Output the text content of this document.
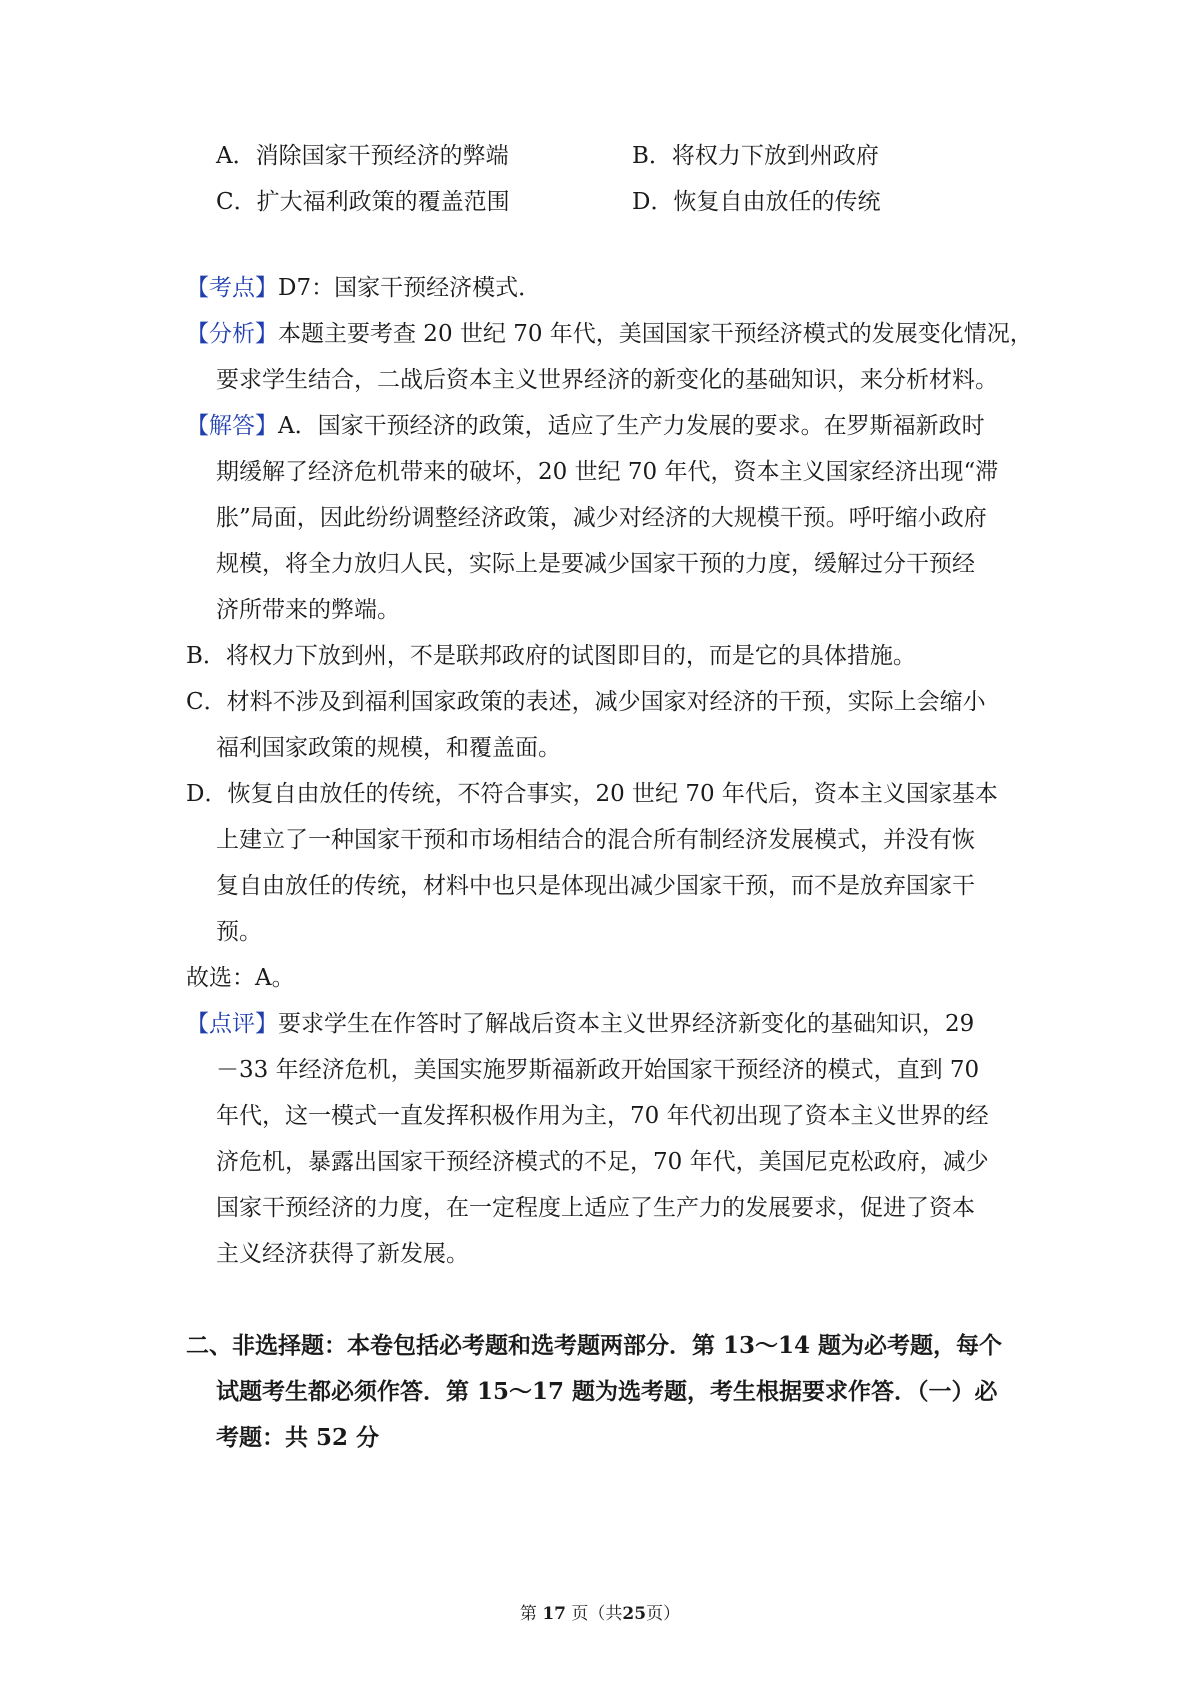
A．消除国家干预经济的弊端	B．将权力下放到州政府
C．扩大福利政策的覆盖范围	D．恢复自由放任的传统
【考点】D7：国家干预经济模式．
【分析】本题主要考查 20 世纪 70 年代，美国国家干预经济模式的发展变化情况，
要求学生结合，二战后资本主义世界经济的新变化的基础知识，来分析材料。
【解答】A．国家干预经济的政策，适应了生产力发展的要求。在罗斯福新政时
期缓解了经济危机带来的破坏，20 世纪 70 年代，资本主义国家经济出现“滞
胀”局面，因此纷纷调整经济政策，减少对经济的大规模干预。呼吁缩小政府
规模，将全力放归人民，实际上是要减少国家干预的力度，缓解过分干预经
济所带来的弊端。
B．将权力下放到州，不是联邦政府的试图即目的，而是它的具体措施。
C．材料不涉及到福利国家政策的表述，减少国家对经济的干预，实际上会缩小
福利国家政策的规模，和覆盖面。
D．恢复自由放任的传统，不符合事实，20 世纪 70 年代后，资本主义国家基本
上建立了一种国家干预和市场相结合的混合所有制经济发展模式，并没有恢
复自由放任的传统，材料中也只是体现出减少国家干预，而不是放弃国家干
预。
故选：A。
【点评】要求学生在作答时了解战后资本主义世界经济新变化的基础知识，29
－33 年经济危机，美国实施罗斯福新政开始国家干预经济的模式，直到 70
年代，这一模式一直发挥积极作用为主，70 年代初出现了资本主义世界的经
济危机，暴露出国家干预经济模式的不足，70 年代，美国尼克松政府，减少
国家干预经济的力度，在一定程度上适应了生产力的发展要求，促进了资本
主义经济获得了新发展。
二、非选择题：本卷包括必考题和选考题两部分．第 13～14 题为必考题，每个
试题考生都必须作答．第 15～17 题为选考题，考生根据要求作答．（一）必
考题：共 52 分
第 17 页（共25页）
